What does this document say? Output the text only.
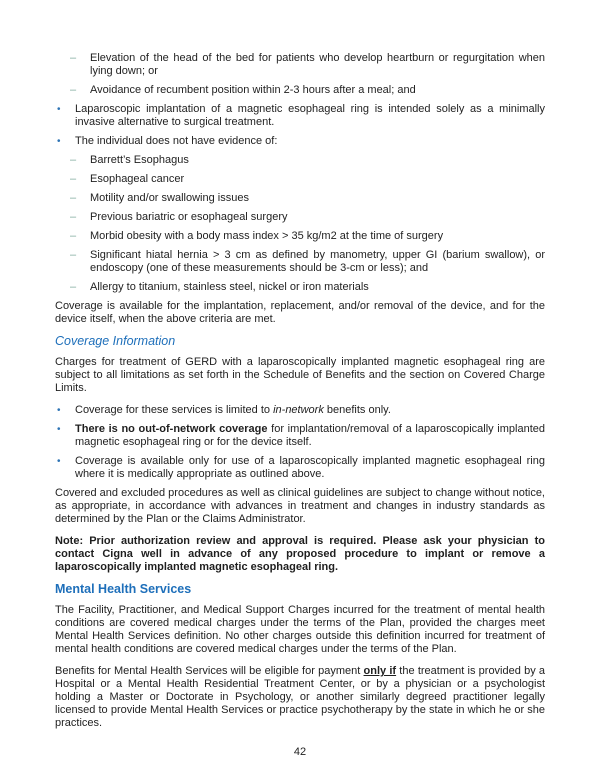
–	Elevation of the head of the bed for patients who develop heartburn or regurgitation when lying down; or
–	Avoidance of recumbent position within 2-3 hours after a meal; and
•	Laparoscopic implantation of a magnetic esophageal ring is intended solely as a minimally invasive alternative to surgical treatment.
•	The individual does not have evidence of:
–	Barrett’s Esophagus
–	Esophageal cancer
–	Motility and/or swallowing issues
–	Previous bariatric or esophageal surgery
–	Morbid obesity with a body mass index > 35 kg/m2 at the time of surgery
–	Significant hiatal hernia > 3 cm as defined by manometry, upper GI (barium swallow), or endoscopy (one of these measurements should be 3-cm or less); and
–	Allergy to titanium, stainless steel, nickel or iron materials

Coverage is available for the implantation, replacement, and/or removal of the device, and for the device itself, when the above criteria are met.

Coverage Information

Charges for treatment of GERD with a laparoscopically implanted magnetic esophageal ring are subject to all limitations as set forth in the Schedule of Benefits and the section on Covered Charge Limits.

•	Coverage for these services is limited to in-network benefits only.
•	There is no out-of-network coverage for implantation/removal of a laparoscopically implanted magnetic esophageal ring or for the device itself.
•	Coverage is available only for use of a laparoscopically implanted magnetic esophageal ring where it is medically appropriate as outlined above.

Covered and excluded procedures as well as clinical guidelines are subject to change without notice, as appropriate, in accordance with advances in treatment and changes in industry standards as determined by the Plan or the Claims Administrator.

Note: Prior authorization review and approval is required. Please ask your physician to contact Cigna well in advance of any proposed procedure to implant or remove a laparoscopically implanted magnetic esophageal ring.

Mental Health Services

The Facility, Practitioner, and Medical Support Charges incurred for the treatment of mental health conditions are covered medical charges under the terms of the Plan, provided the charges meet Mental Health Services definition. No other charges outside this definition incurred for treatment of mental health conditions are covered medical charges under the terms of the Plan.

Benefits for Mental Health Services will be eligible for payment only if the treatment is provided by a Hospital or a Mental Health Residential Treatment Center, or by a physician or a psychologist holding a Master or Doctorate in Psychology, or another similarly degreed practitioner legally licensed to provide Mental Health Services or practice psychotherapy by the state in which he or she practices.

42
